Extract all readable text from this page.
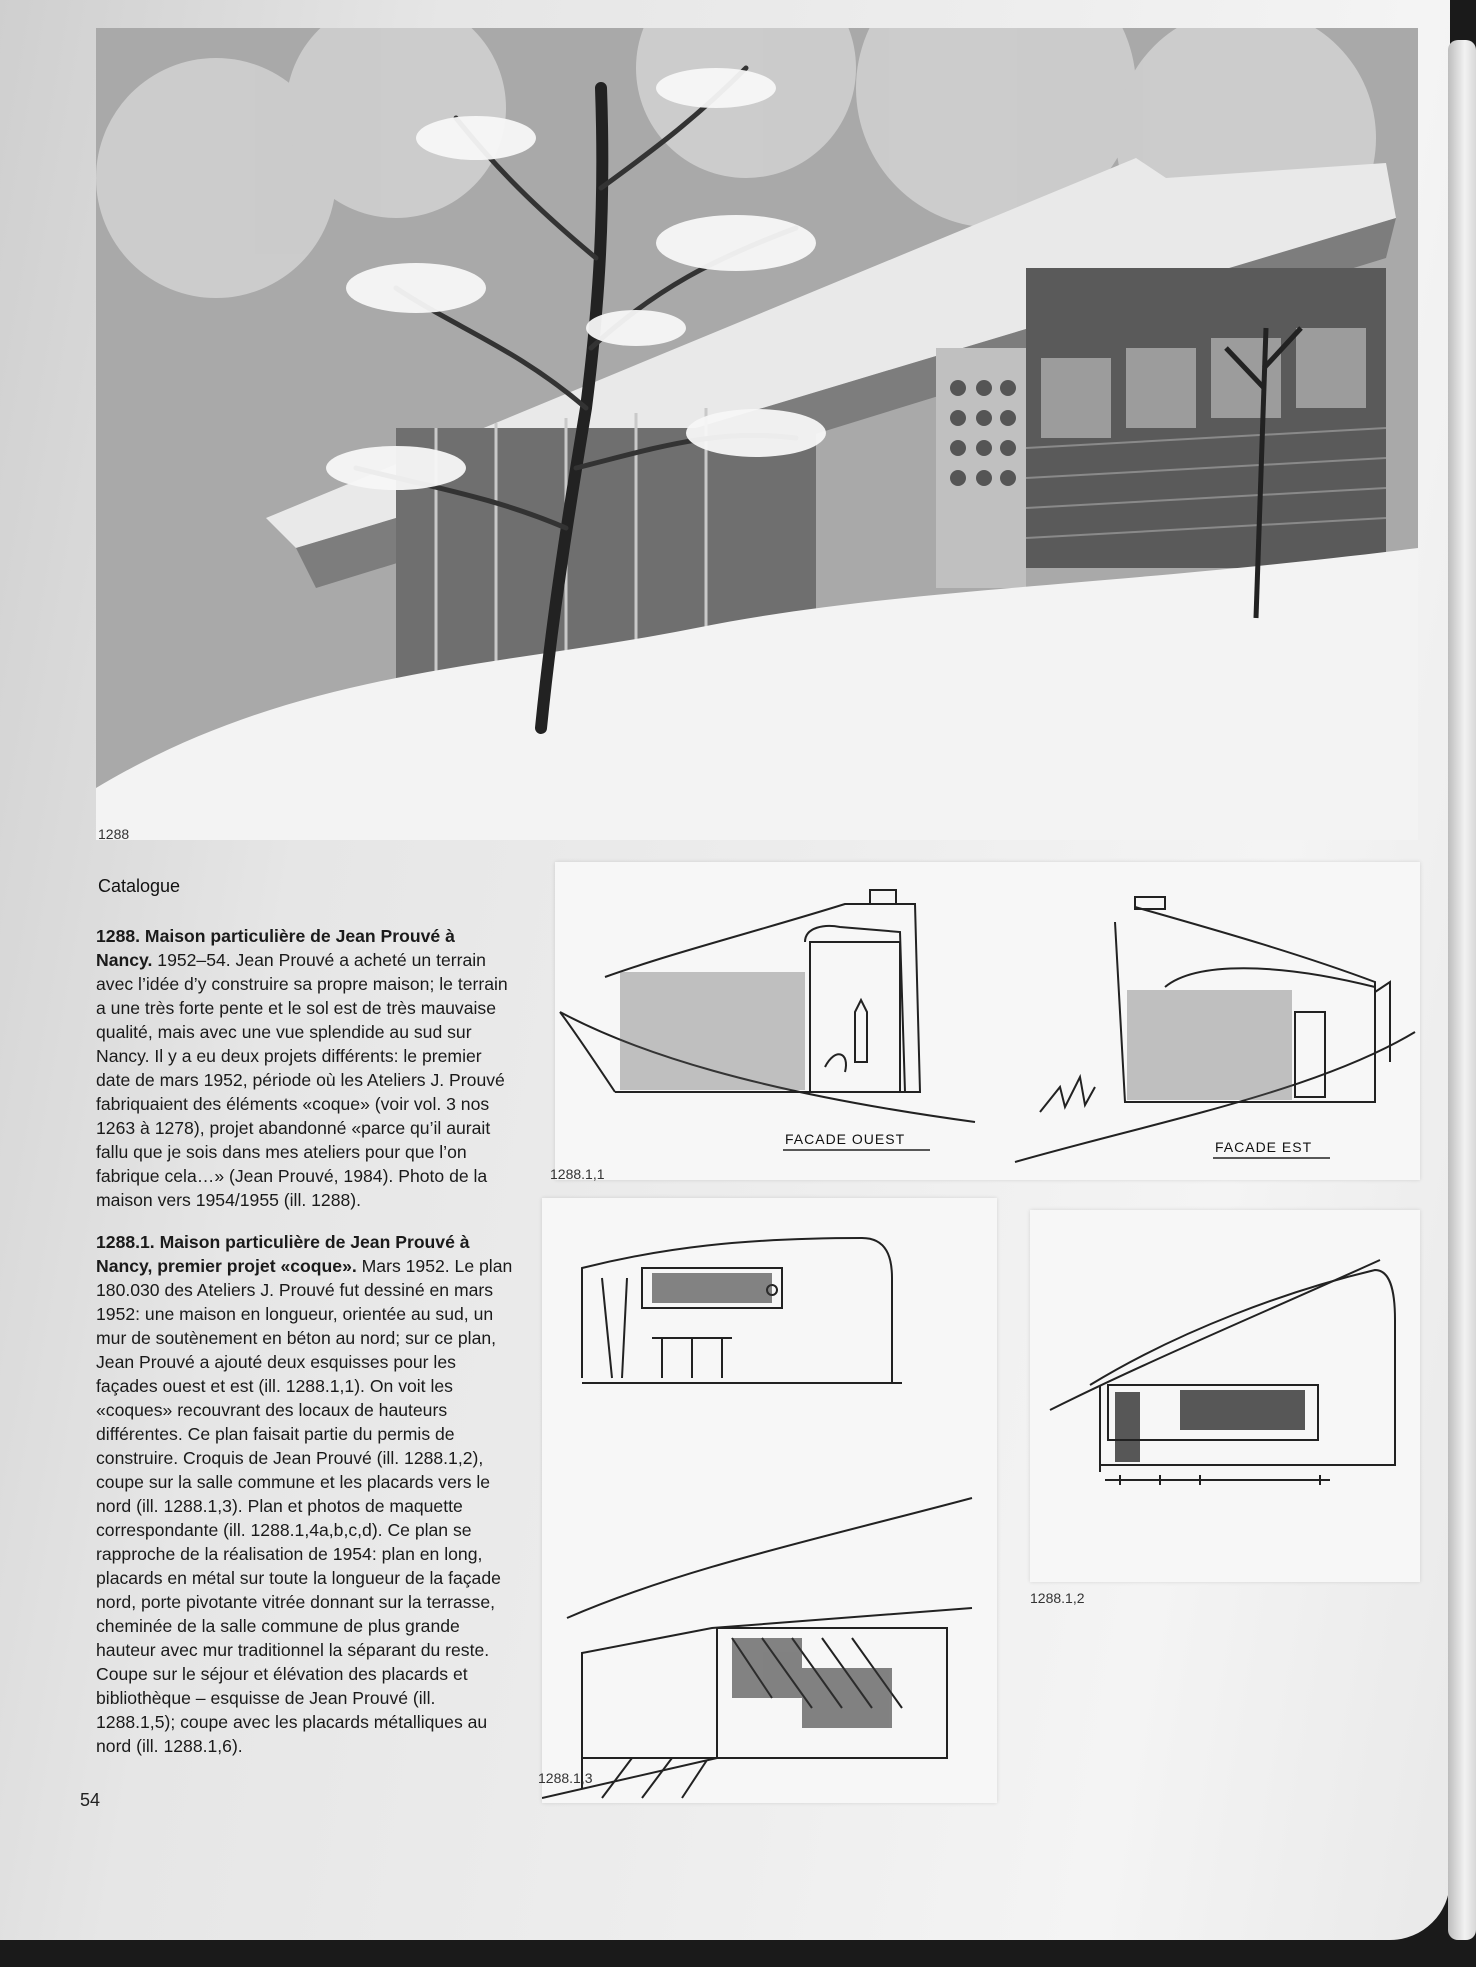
1288
Catalogue
1288. Maison particulière de Jean Prouvé à Nancy. 1952–54. Jean Prouvé a acheté un terrain avec l’idée d’y construire sa propre maison; le terrain a une très forte pente et le sol est de très mauvaise qualité, mais avec une vue splendide au sud sur Nancy. Il y a eu deux projets différents: le premier date de mars 1952, période où les Ateliers J. Prouvé fabriquaient des éléments «coque» (voir vol. 3 nos 1263 à 1278), projet abandonné «parce qu’il aurait fallu que je sois dans mes ateliers pour que l’on fabrique cela…» (Jean Prouvé, 1984). Photo de la maison vers 1954/1955 (ill. 1288).
1288.1. Maison particulière de Jean Prouvé à Nancy, premier projet «coque». Mars 1952. Le plan 180.030 des Ateliers J. Prouvé fut dessiné en mars 1952: une maison en longueur, orientée au sud, un mur de soutènement en béton au nord; sur ce plan, Jean Prouvé a ajouté deux esquisses pour les façades ouest et est (ill. 1288.1,1). On voit les «coques» recouvrant des locaux de hauteurs différentes. Ce plan faisait partie du permis de construire. Croquis de Jean Prouvé (ill. 1288.1,2), coupe sur la salle commune et les placards vers le nord (ill. 1288.1,3). Plan et photos de maquette correspondante (ill. 1288.1,4a,b,c,d). Ce plan se rapproche de la réalisation de 1954: plan en long, placards en métal sur toute la longueur de la façade nord, porte pivotante vitrée donnant sur la terrasse, cheminée de la salle commune de plus grande hauteur avec mur traditionnel la séparant du reste. Coupe sur le séjour et élévation des placards et bibliothèque – esquisse de Jean Prouvé (ill. 1288.1,5); coupe avec les placards métalliques au nord (ill. 1288.1,6).
54
FACADE OUEST	FACADE EST
1288.1,1
1288.1,3
1288.1,2
